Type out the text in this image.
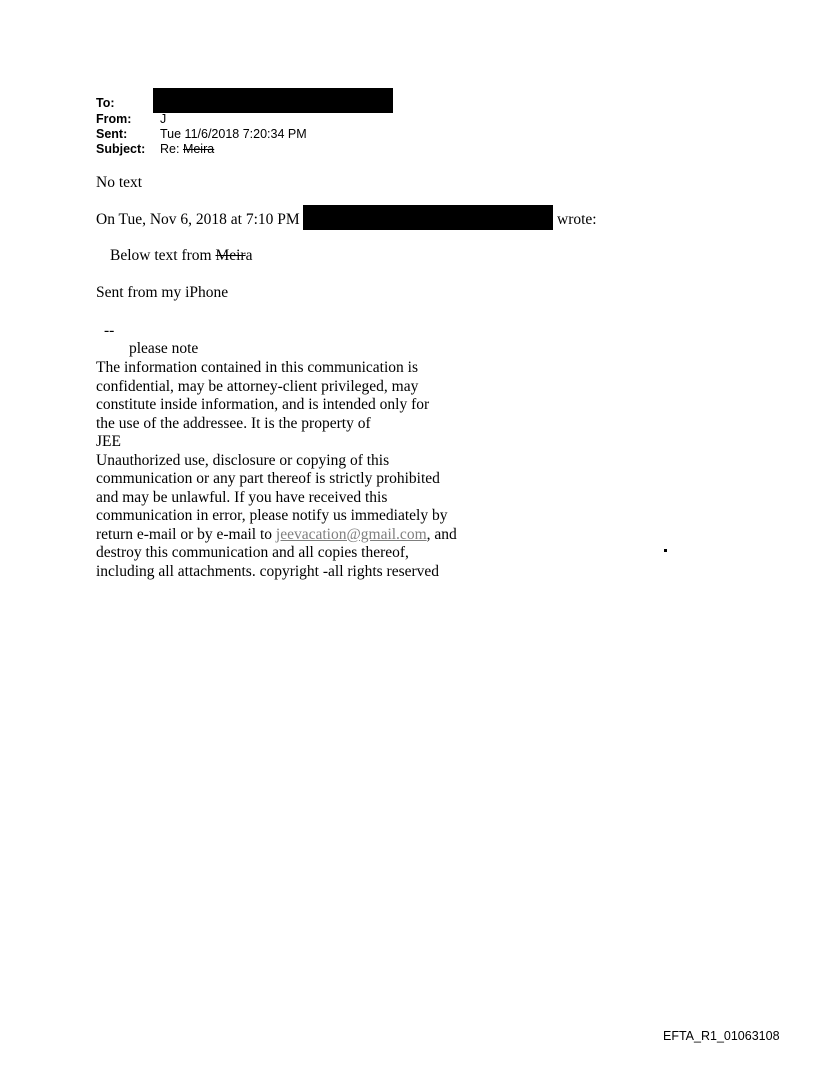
To:
From: J
Sent:	Tue 11/6/2018 7:20:34 PM
Subject: Re: Meira
No text
On Tue, Nov 6, 2018 at 7:10 PM	wrote:
Below text from Meira
Sent from my iPhone
--
please note
The information contained in this communication is
confidential, may be attorney-client privileged, may
constitute inside information, and is intended only for
the use of the addressee. It is the property of
JEE
Unauthorized use, disclosure or copying of this
communication or any part thereof is strictly prohibited
and may be unlawful. If you have received this
communication in error, please notify us immediately by
return e-mail or by e-mail to jeevacation@gmail.com, and
destroy this communication and all copies thereof,
including all attachments. copyright -all rights reserved
EFTA_R1_01063108
